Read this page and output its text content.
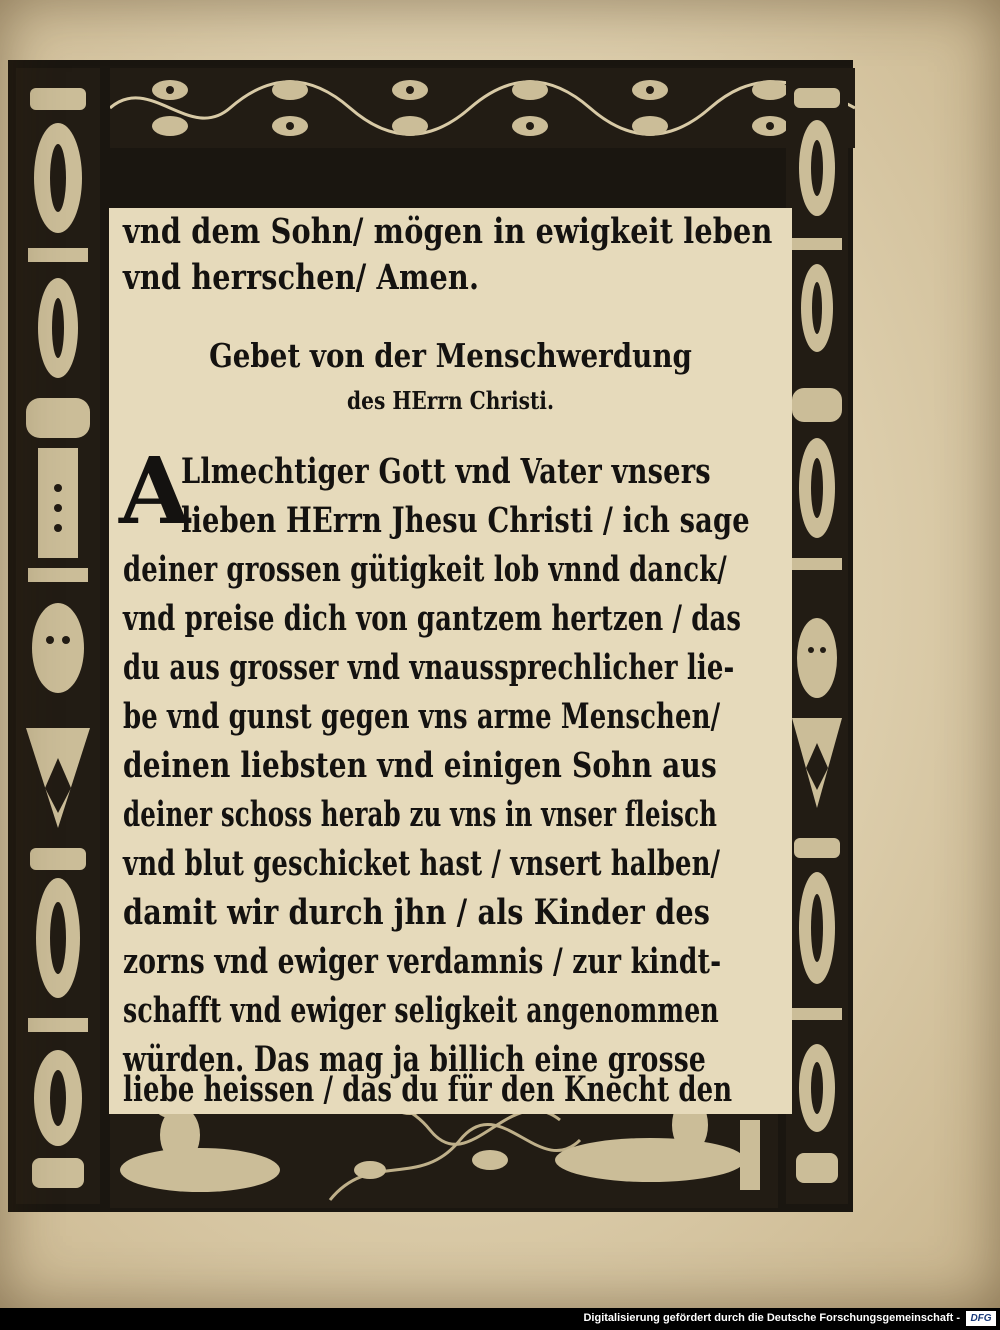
vnd dem Sohn/ mögen in ewigkeit leben
vnd herrschen/ Amen.
Gebet von der Menschwerdung
des HErrn Christi.
A
Llmechtiger Gott vnd Vater vnsers
lieben HErrn Jhesu Christi / ich sage
deiner grossen gütigkeit lob vnnd danck/
vnd preise dich von gantzem hertzen / das
du aus grosser vnd vnaussprechlicher lie-
be vnd gunst gegen vns arme Menschen/
deinen liebsten vnd einigen Sohn aus
deiner schoss herab zu vns in vnser fleisch
vnd blut geschicket hast / vnsert halben/
damit wir durch jhn / als Kinder des
zorns vnd ewiger verdamnis / zur kindt-
schafft vnd ewiger seligkeit angenommen
würden. Das mag ja billich eine grosse
liebe heissen / das du für den Knecht den
Digitalisierung gefördert durch die Deutsche Forschungsgemeinschaft -	DFG
